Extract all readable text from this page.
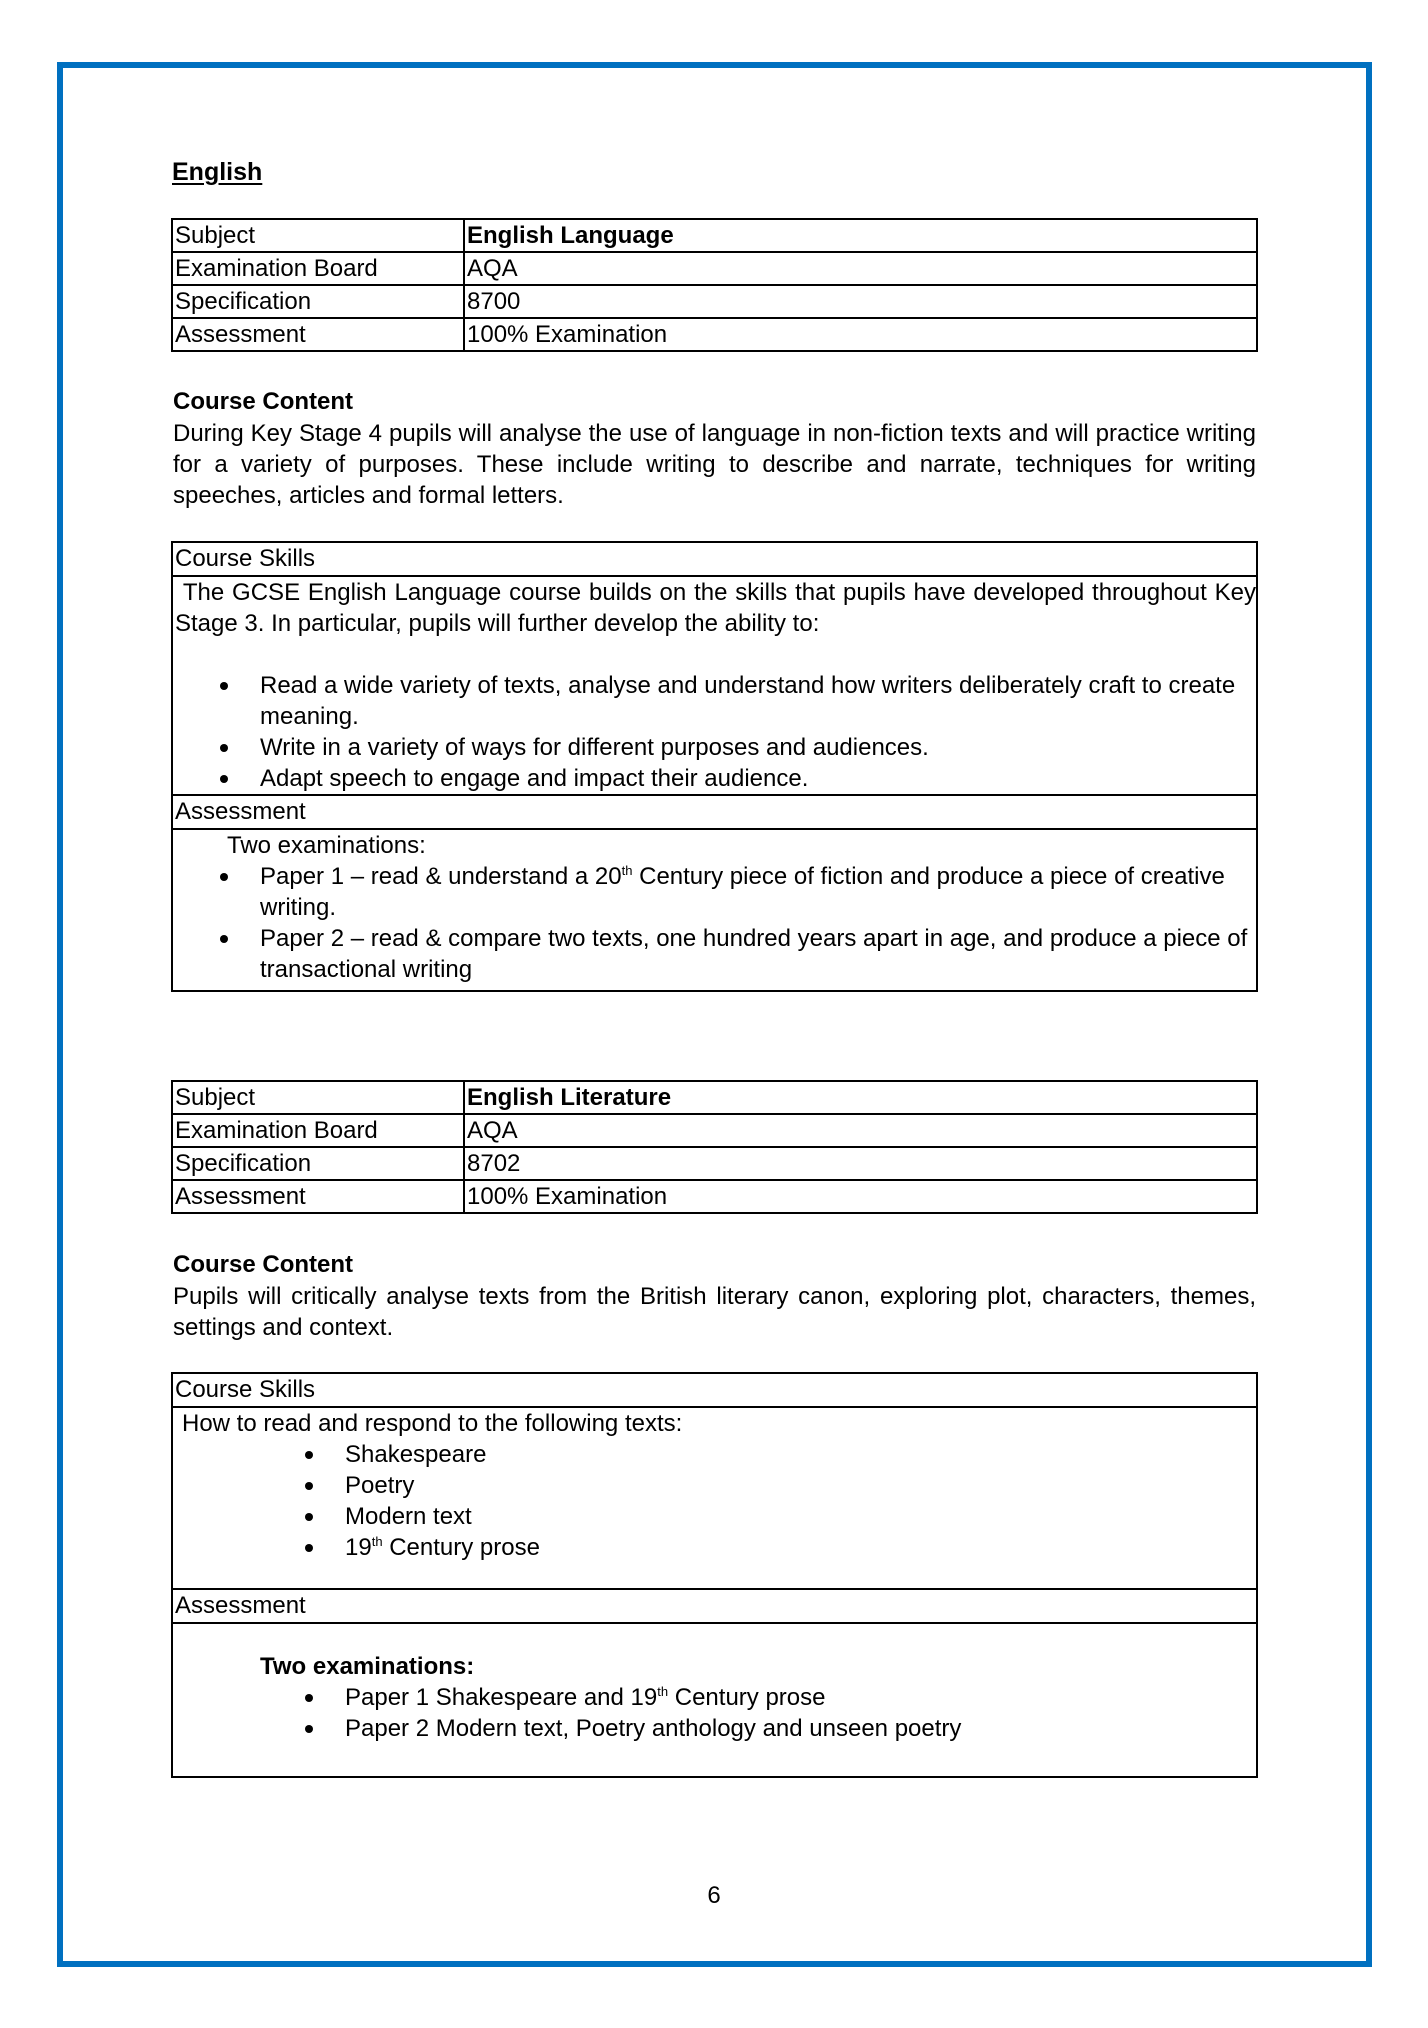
English
Subject	English Language
Examination Board	AQA
Specification	8700
Assessment	100% Examination
Course Content
During Key Stage 4 pupils will analyse the use of language in non-fiction texts and will practice writing for a variety of purposes. These include writing to describe and narrate, techniques for writing speeches, articles and formal letters.
Course Skills
The GCSE English Language course builds on the skills that pupils have developed throughout Key Stage 3. In particular, pupils will further develop the ability to:
Read a wide variety of texts, analyse and understand how writers deliberately craft to create meaning.
Write in a variety of ways for different purposes and audiences.
Adapt speech to engage and impact their audience.
Assessment
Two examinations:
Paper 1 – read & understand a 20th Century piece of fiction and produce a piece of creative writing.
Paper 2 – read & compare two texts, one hundred years apart in age, and produce a piece of transactional writing
Subject	English Literature
Examination Board	AQA
Specification	8702
Assessment	100% Examination
Course Content
Pupils will critically analyse texts from the British literary canon, exploring plot, characters, themes, settings and context.
Course Skills
How to read and respond to the following texts:
Shakespeare
Poetry
Modern text
19th Century prose
Assessment
Two examinations:
Paper 1 Shakespeare and 19th Century prose
Paper 2 Modern text, Poetry anthology and unseen poetry
6
